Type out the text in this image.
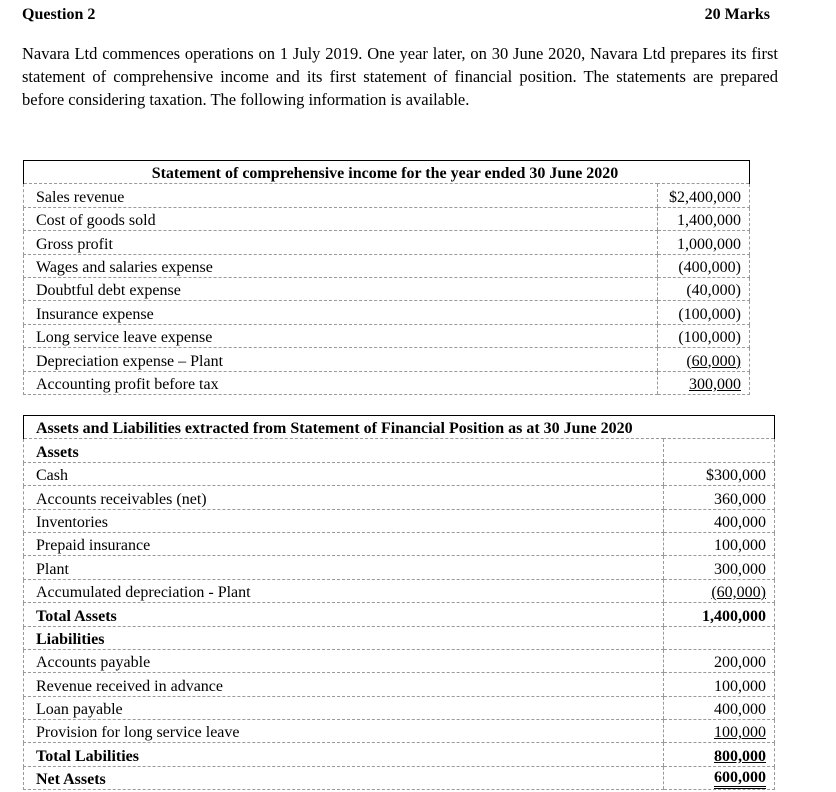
Question 2	20 Marks
Navara Ltd commences operations on 1 July 2019. One year later, on 30 June 2020, Navara Ltd prepares its first statement of comprehensive income and its first statement of financial position. The statements are prepared before considering taxation. The following information is available.
Statement of comprehensive income for the year ended 30 June 2020	
Sales revenue	$2,400,000
Cost of goods sold	1,400,000
Gross profit	1,000,000
Wages and salaries expense	(400,000)
Doubtful debt expense	(40,000)
Insurance expense	(100,000)
Long service leave expense	(100,000)
Depreciation expense – Plant	(60,000)
Accounting profit before tax	300,000
Assets and Liabilities extracted from Statement of Financial Position as at 30 June 2020	
Assets	
Cash	$300,000
Accounts receivables (net)	360,000
Inventories	400,000
Prepaid insurance	100,000
Plant	300,000
Accumulated depreciation - Plant	(60,000)
Total Assets	1,400,000
Liabilities	
Accounts payable	200,000
Revenue received in advance	100,000
Loan payable	400,000
Provision for long service leave	100,000
Total Labilities	800,000
Net Assets	600,000
